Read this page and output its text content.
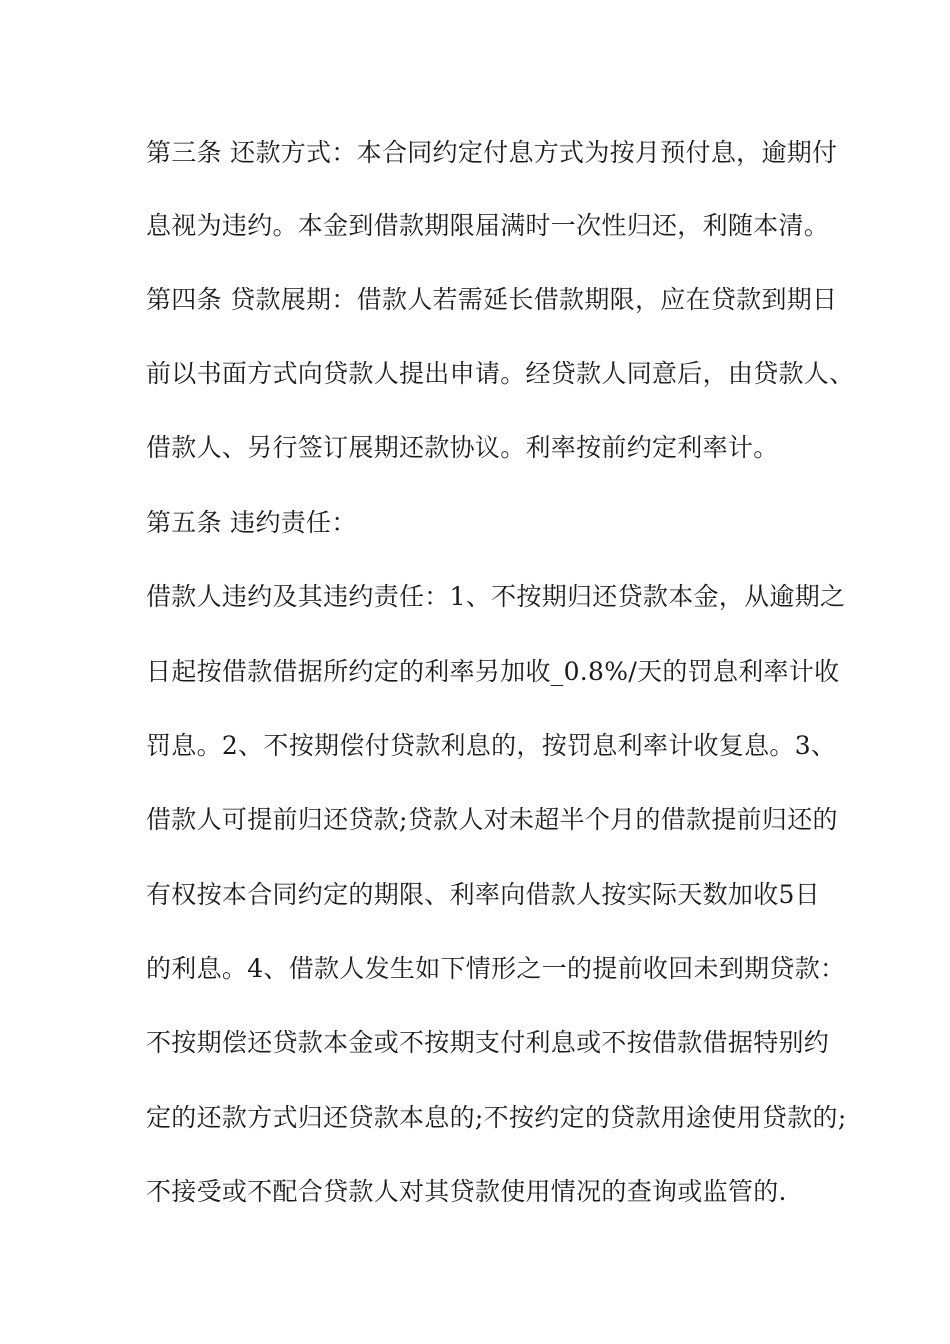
第三条 还款方式：本合同约定付息方式为按月预付息，逾期付
息视为违约。本金到借款期限届满时一次性归还，利随本清。
第四条 贷款展期：借款人若需延长借款期限，应在贷款到期日
前以书面方式向贷款人提出申请。经贷款人同意后，由贷款人、
借款人、另行签订展期还款协议。利率按前约定利率计。
第五条 违约责任：
借款人违约及其违约责任：1、不按期归还贷款本金，从逾期之
日起按借款借据所约定的利率另加收_0.8%/天的罚息利率计收
罚息。2、不按期偿付贷款利息的，按罚息利率计收复息。3、
借款人可提前归还贷款;贷款人对未超半个月的借款提前归还的
有权按本合同约定的期限、利率向借款人按实际天数加收5日
的利息。4、借款人发生如下情形之一的提前收回未到期贷款：
不按期偿还贷款本金或不按期支付利息或不按借款借据特别约
定的还款方式归还贷款本息的;不按约定的贷款用途使用贷款的;
不接受或不配合贷款人对其贷款使用情况的查询或监管的.
